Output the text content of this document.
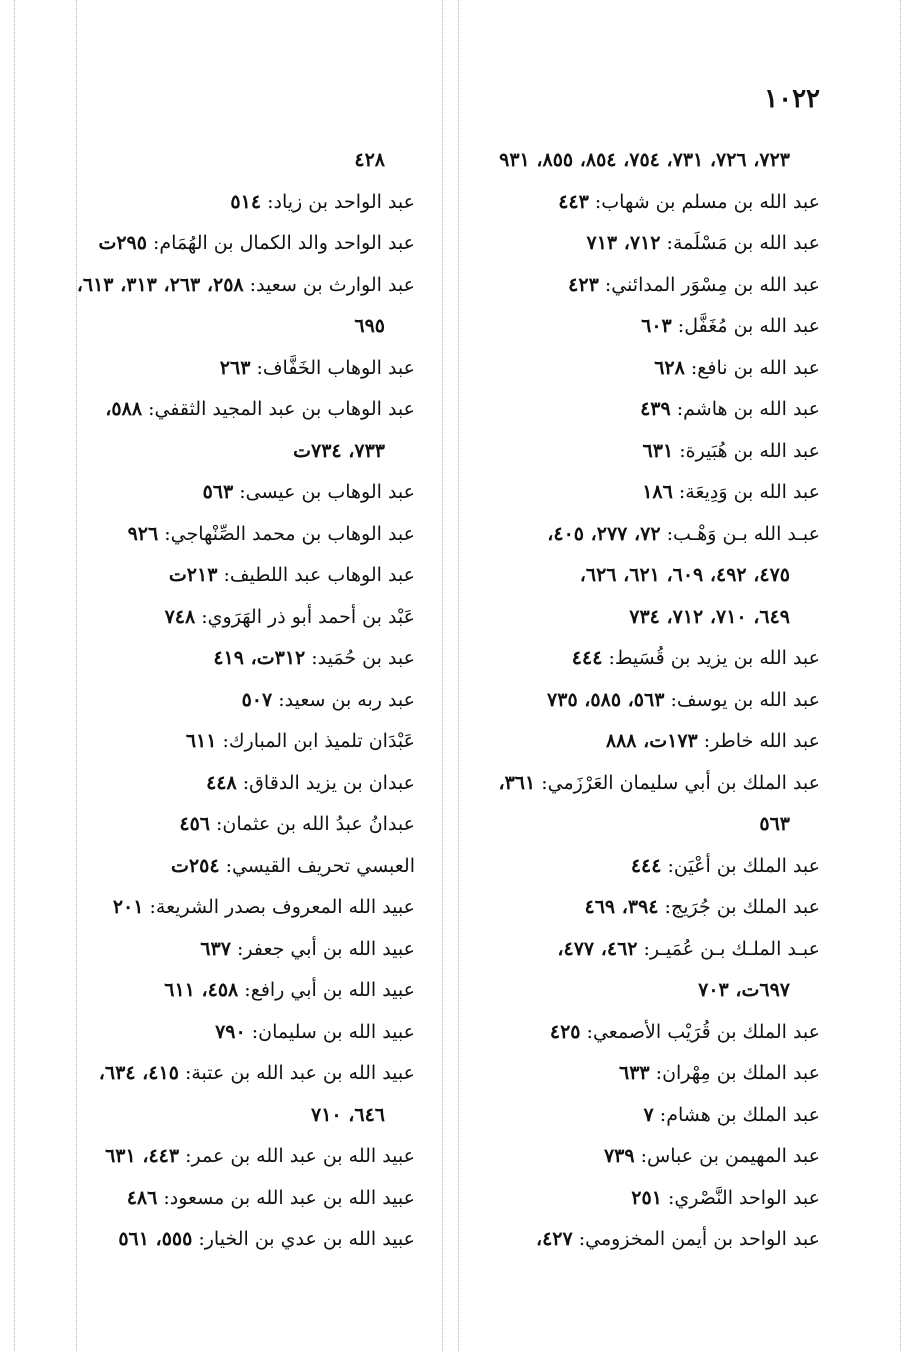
١٠٢٢

٧٢٣، ٧٢٦، ٧٣١، ٧٥٤، ٨٥٤، ٨٥٥، ٩٣١

عبد الله بن مسلم بن شهاب: ٤٤٣

عبد الله بن مَسْلَمة: ٧١٢، ٧١٣

عبد الله بن مِسْوَر المدائني: ٤٢٣

عبد الله بن مُغَفَّل: ٦٠٣

عبد الله بن نافع: ٦٢٨

عبد الله بن هاشم: ٤٣٩

عبد الله بن هُبَيرة: ٦٣١

عبد الله بن وَدِيعَة: ١٨٦

عبـد الله بـن وَهْـب: ٧٢، ٢٧٧، ٤٠٥،

٤٧٥، ٤٩٢، ٦٠٩، ٦٢١، ٦٢٦،

٦٤٩، ٧١٠، ٧١٢، ٧٣٤

عبد الله بن يزيد بن قُسَيط: ٤٤٤

عبد الله بن يوسف: ٥٦٣، ٥٨٥، ٧٣٥

عبد الله خاطر: ١٧٣ت، ٨٨٨

عبد الملك بن أبي سليمان العَرْزَمي: ٣٦١،

٥٦٣

عبد الملك بن أعْيَن: ٤٤٤

عبد الملك بن جُرَيج: ٣٩٤، ٤٦٩

عبـد الملـك بـن عُمَيـر: ٤٦٢، ٤٧٧،

٦٩٧ت، ٧٠٣

عبد الملك بن قُرَيْب الأصمعي: ٤٢٥

عبد الملك بن مِهْران: ٦٣٣

عبد الملك بن هشام: ٧

عبد المهيمن بن عباس: ٧٣٩

عبد الواحد النَّصْري: ٢٥١

عبد الواحد بن أيمن المخزومي: ٤٢٧،

٤٢٨

عبد الواحد بن زياد: ٥١٤

عبد الواحد والد الكمال بن الهُمَام: ٢٩٥ت

عبد الوارث بن سعيد: ٢٥٨، ٢٦٣، ٣١٣، ٦١٣،

٦٩٥

عبد الوهاب الخَفَّاف: ٢٦٣

عبد الوهاب بن عبد المجيد الثقفي: ٥٨٨،

٧٣٣، ٧٣٤ت

عبد الوهاب بن عيسى: ٥٦٣

عبد الوهاب بن محمد الصِّنْهاجي: ٩٢٦

عبد الوهاب عبد اللطيف: ٢١٣ت

عَبْد بن أحمد أبو ذر الهَرَوي: ٧٤٨

عبد بن حُمَيد: ٣١٢ت، ٤١٩

عبد ربه بن سعيد: ٥٠٧

عَبْدَان تلميذ ابن المبارك: ٦١١

عبدان بن يزيد الدقاق: ٤٤٨

عبدانُ عبدُ الله بن عثمان: ٤٥٦

العبسي تحريف القيسي: ٢٥٤ت

عبيد الله المعروف بصدر الشريعة: ٢٠١

عبيد الله بن أبي جعفر: ٦٣٧

عبيد الله بن أبي رافع: ٤٥٨، ٦١١

عبيد الله بن سليمان: ٧٩٠

عبيد الله بن عبد الله بن عتبة: ٤١٥، ٦٣٤،

٦٤٦، ٧١٠

عبيد الله بن عبد الله بن عمر: ٤٤٣، ٦٣١

عبيد الله بن عبد الله بن مسعود: ٤٨٦

عبيد الله بن عدي بن الخيار: ٥٥٥، ٥٦١
